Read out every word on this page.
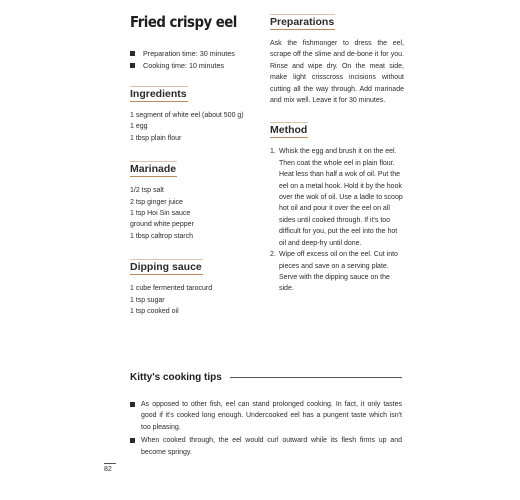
Fried crispy eel
Preparation time: 30 minutes
Cooking time: 10 minutes
Ingredients
1 segment of white eel (about 500 g)
1 egg
1 tbsp plain flour
Marinade
1/2 tsp salt
2 tsp ginger juice
1 tsp Hoi Sin sauce
ground white pepper
1 tbsp caltrop starch
Dipping sauce
1 cube fermented tarocurd
1 tsp sugar
1 tsp cooked oil
Preparations

Ask the fishmonger to dress the eel, scrape off the slime and de-bone it for you. Rinse and wipe dry. On the meat side, make light crisscross incisions without cutting all the way through. Add marinade and mix well. Leave it for 30 minutes.

Method
1. Whisk the egg and brush it on the eel. Then coat the whole eel in plain flour. Heat less than half a wok of oil. Put the eel on a metal hook. Hold it by the hook over the wok of oil. Use a ladle to scoop hot oil and pour it over the eel on all sides until cooked through. If it's too difficult for you, put the eel into the hot oil and deep-fry until done.
2. Wipe off excess oil on the eel. Cut into pieces and save on a serving plate. Serve with the dipping sauce on the side.
Kitty's cooking tips
As opposed to other fish, eel can stand prolonged cooking. In fact, it only tastes good if it's cooked long enough. Undercooked eel has a pungent taste which isn't too pleasing.
When cooked through, the eel would curl outward while its flesh firms up and become springy.
82
